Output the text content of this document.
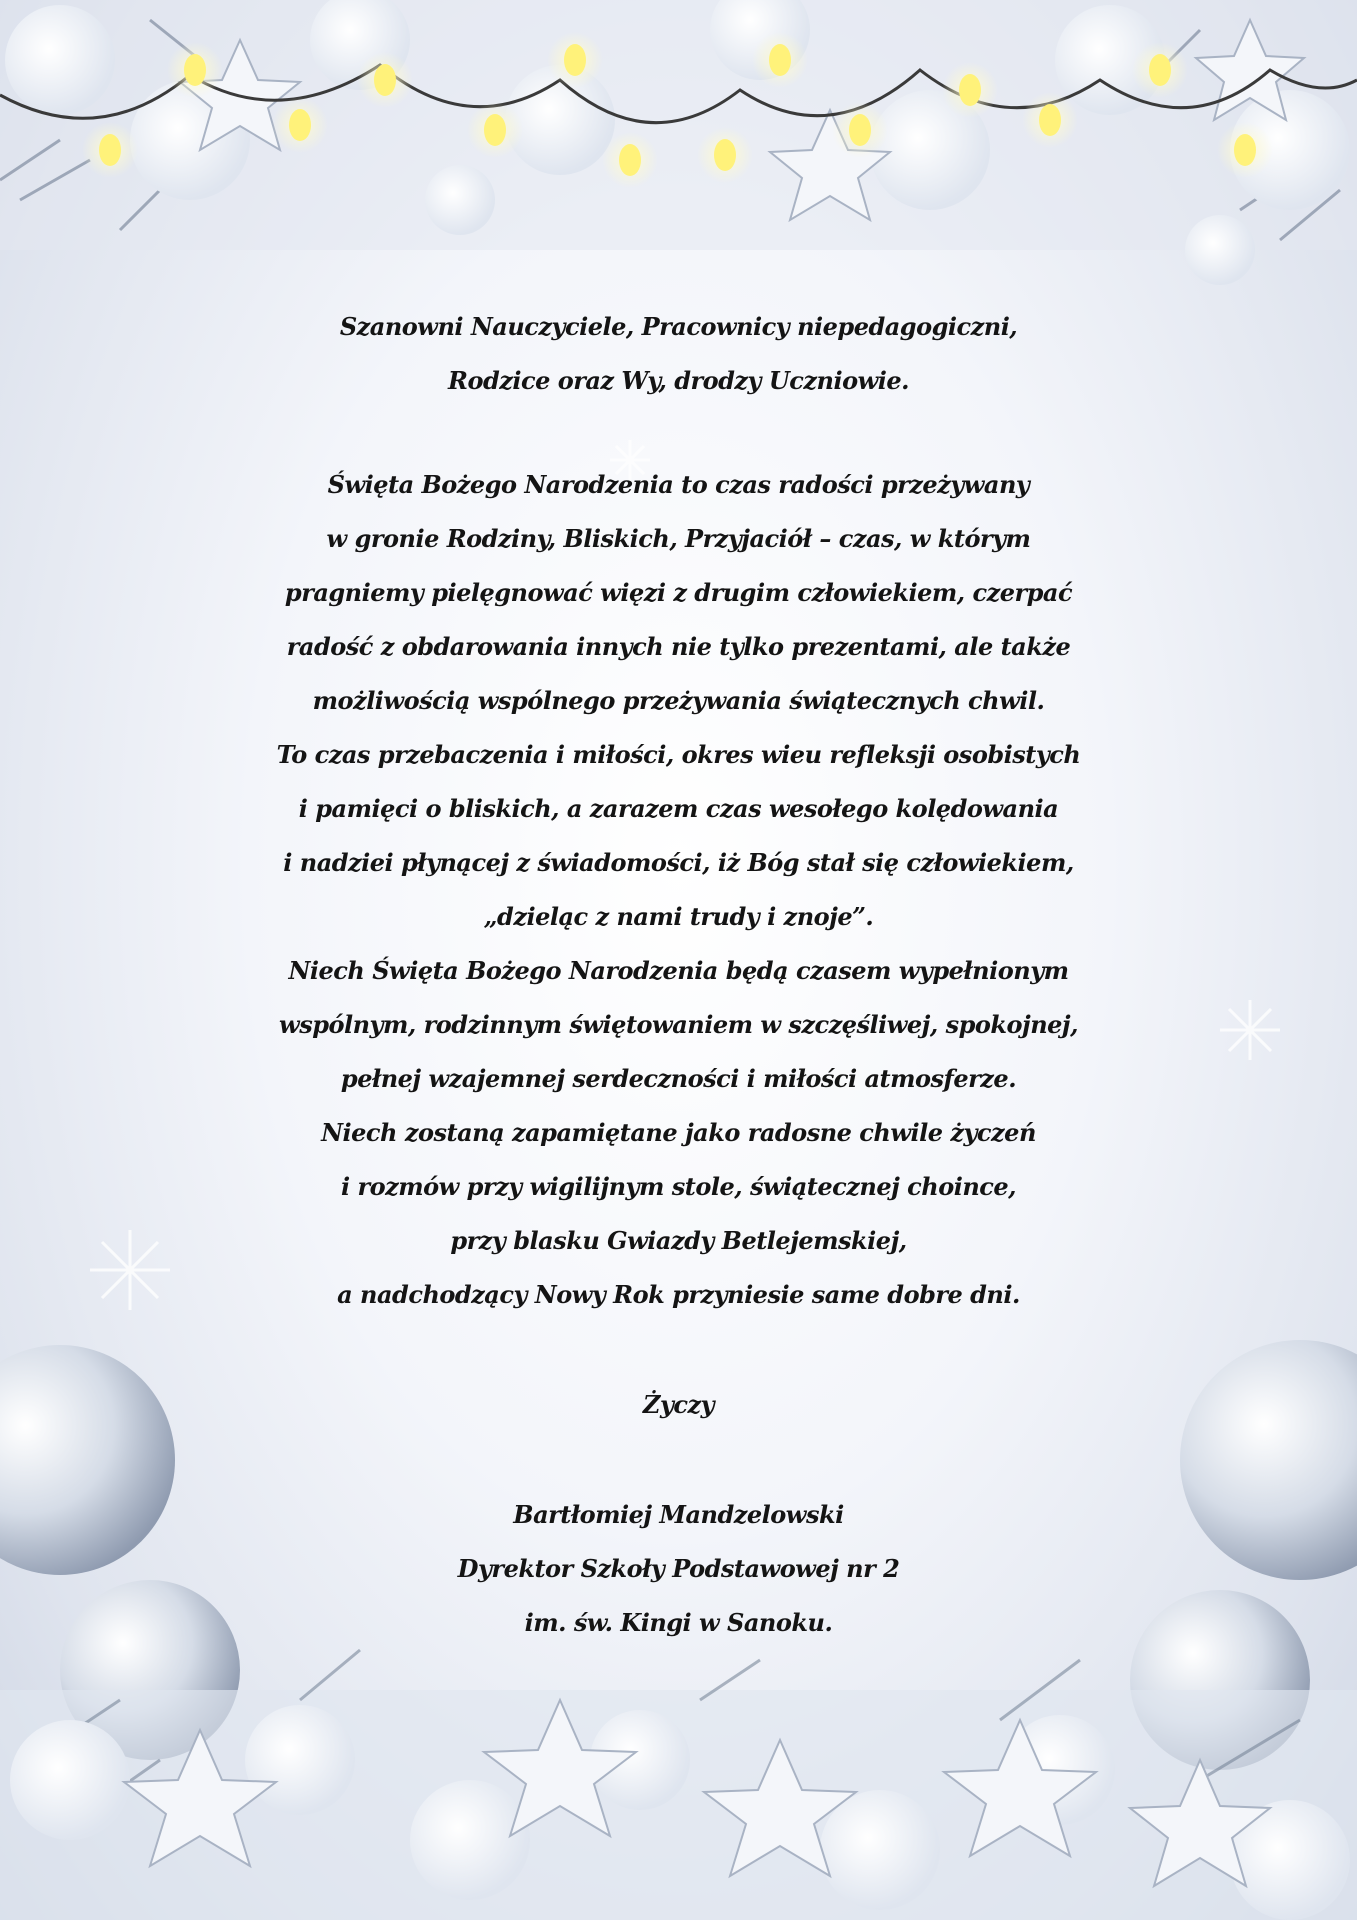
Szanowni Nauczyciele, Pracownicy niepedagogiczni,
Rodzice oraz Wy, drodzy Uczniowie.
Święta Bożego Narodzenia to czas radości przeżywany
w gronie Rodziny, Bliskich, Przyjaciół – czas, w którym
pragniemy pielęgnować więzi z drugim człowiekiem, czerpać
radość z obdarowania innych nie tylko prezentami, ale także
możliwością wspólnego przeżywania świątecznych chwil.
To czas przebaczenia i miłości, okres wieu refleksji osobistych
i pamięci o bliskich, a zarazem czas wesołego kolędowania
i nadziei płynącej z świadomości, iż Bóg stał się człowiekiem,
„dzieląc z nami trudy i znoje”.
Niech Święta Bożego Narodzenia będą czasem wypełnionym
wspólnym, rodzinnym świętowaniem w szczęśliwej, spokojnej,
pełnej wzajemnej serdeczności i miłości atmosferze.
Niech zostaną zapamiętane jako radosne chwile życzeń
i rozmów przy wigilijnym stole, świątecznej choince,
przy blasku Gwiazdy Betlejemskiej,
a nadchodzący Nowy Rok przyniesie same dobre dni.
Życzy
Bartłomiej Mandzelowski
Dyrektor Szkoły Podstawowej nr 2
im. św. Kingi w Sanoku.
